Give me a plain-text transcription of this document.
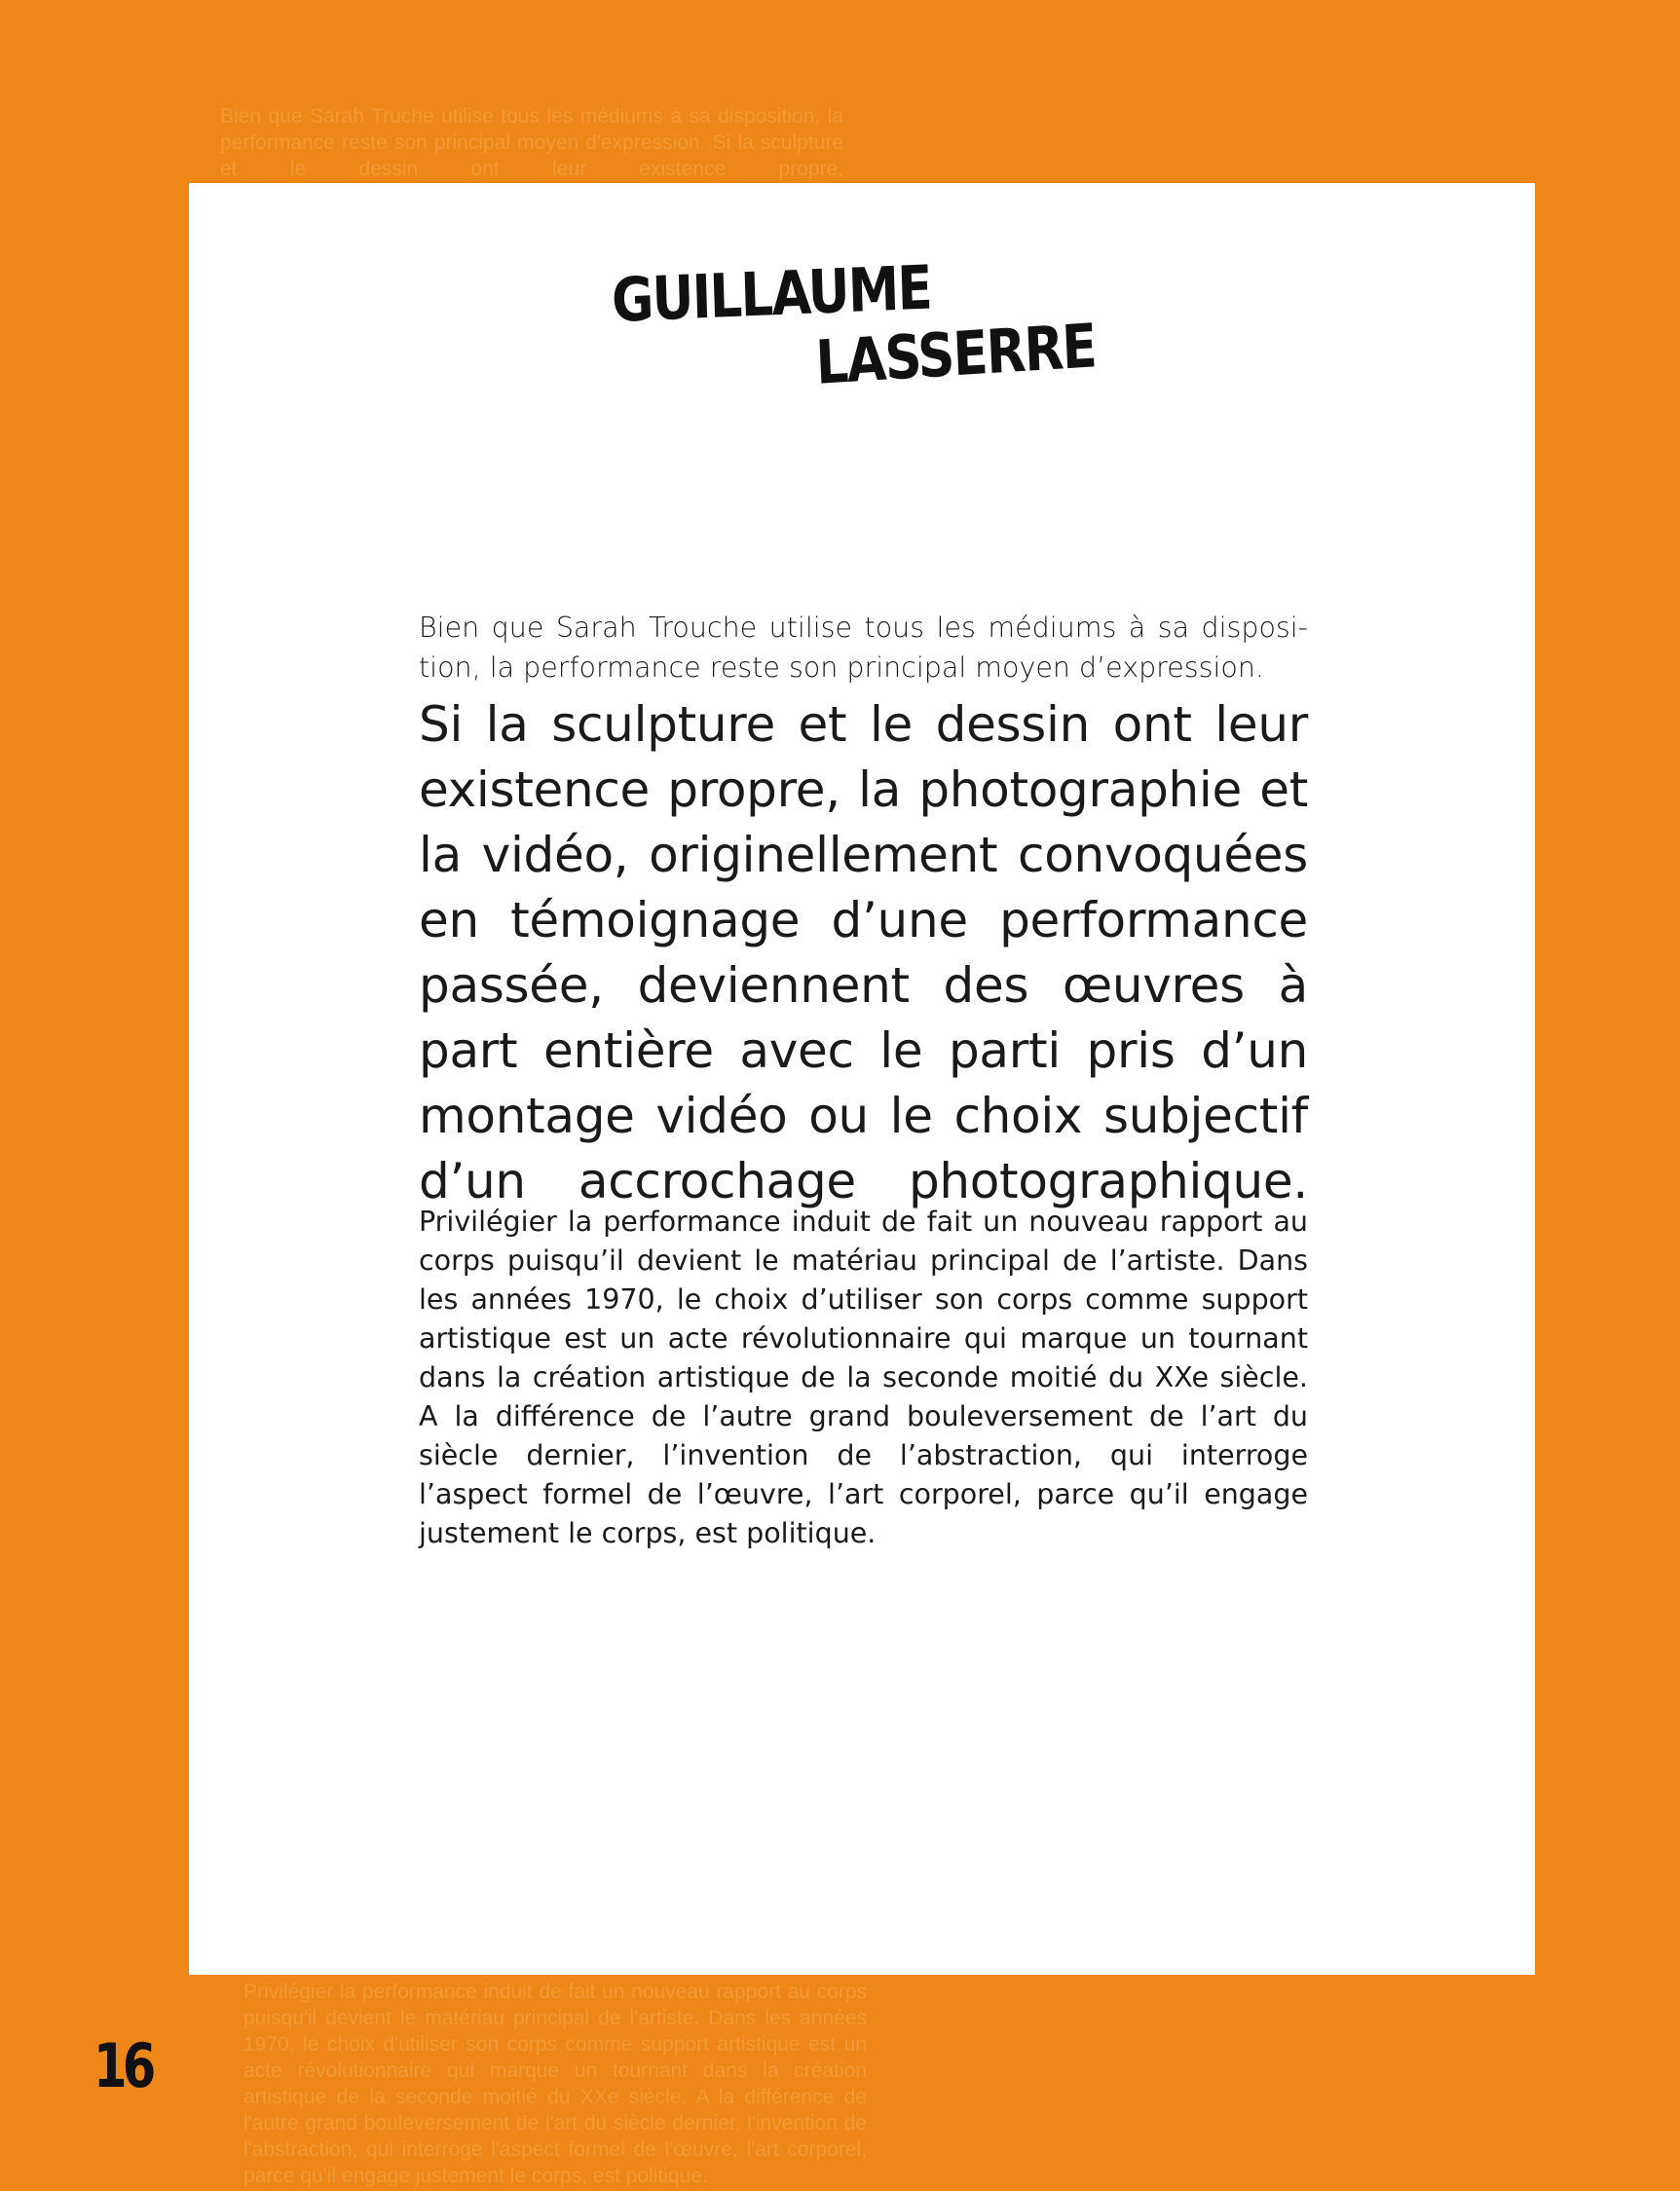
Bien que Sarah Truche utilise tous les médiums à sa disposition, la performance reste son principal moyen d'expression. Si la sculpture et le dessin ont leur existence propre,
Privilégier la performance induit de fait un nouveau rapport au corps puisqu'il devient le matériau principal de l'artiste. Dans les années 1970, le choix d'utiliser son corps comme support artistique est un acte révolutionnaire qui marque un tournant dans la création artistique de la seconde moitié du XXe siècle. A la différence de l'autre grand bouleversement de l'art du siècle dernier, l'invention de l'abstraction, qui interroge l'aspect formel de l'œuvre, l'art corporel, parce qu'il engage justement le corps, est politique.
GUILLAUME
LASSERRE
Bien que Sarah Trouche utilise tous les médiums à sa disposition, la performance reste son principal moyen d’expression.
Si la sculpture et le dessin ont leur existence propre, la photographie et la vidéo, originellement convoquées en témoignage d’une performance passée, deviennent des œuvres à part entière avec le parti pris d’un montage vidéo ou le choix subjectif d’un accrochage photographique.
Privilégier la performance induit de fait un nouveau rapport au corps puisqu’il devient le matériau principal de l’artiste. Dans les années 1970, le choix d’utiliser son corps comme support artistique est un acte révolutionnaire qui marque un tournant dans la création artistique de la seconde moitié du XXe siècle. A la différence de l’autre grand bouleversement de l’art du siècle dernier, l’invention de l’abstraction, qui interroge l’aspect formel de l’œuvre, l’art corporel, parce qu’il engage justement le corps, est politique.
16
